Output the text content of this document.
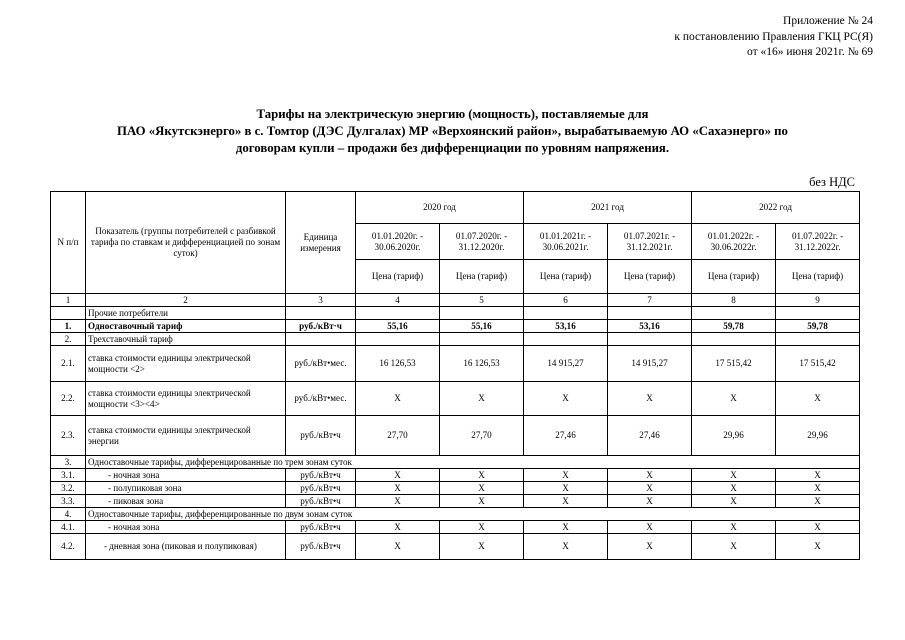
Приложение № 24
к постановлению Правления ГКЦ РС(Я)
от «16» июня 2021г. № 69
Тарифы на электрическую энергию (мощность), поставляемые для
ПАО «Якутскэнерго» в с. Томтор (ДЭС Дулгалах) МР «Верхоянский район», вырабатываемую АО «Сахаэнерго» по
договорам купли – продажи без дифференциации по уровням напряжения.
без НДС
N п/п	Показатель (группы потребителей с разбивкой тарифа по ставкам и дифференциацией по зонам суток)	Единица измерения	2020 год		2021 год		2022 год	
			01.01.2020г. - 30.06.2020г.	01.07.2020г. - 31.12.2020г.	01.01.2021г. - 30.06.2021г.	01.07.2021г. - 31.12.2021г.	01.01.2022г. - 30.06.2022г.	01.07.2022г. - 31.12.2022г.
			Цена (тариф)	Цена (тариф)	Цена (тариф)	Цена (тариф)	Цена (тариф)	Цена (тариф)
1	2	3	4	5	6	7	8	9
	Прочие потребители							
1.	Одноставочный тариф	руб./кВт·ч	55,16	55,16	53,16	53,16	59,78	59,78
2.	Трехставочный тариф							
2.1.	ставка стоимости единицы электрической мощности <2>	руб./кВт•мес.	16 126,53	16 126,53	14 915,27	14 915,27	17 515,42	17 515,42
2.2.	ставка стоимости единицы электрической мощности <3><4>	руб./кВт•мес.	X	X	X	X	X	X
2.3.	ставка стоимости единицы электрической энергии	руб./кВт•ч	27,70	27,70	27,46	27,46	29,96	29,96
3.	Одноставочные тарифы, дифференцированные по трем зонам суток							
3.1.	- ночная зона	руб./кВт•ч	X	X	X	X	X	X
3.2.	- полупиковая зона	руб./кВт•ч	X	X	X	X	X	X
3.3.	- пиковая зона	руб./кВт•ч	X	X	X	X	X	X
4.	Одноставочные тарифы, дифференцированные по двум зонам суток							
4.1.	- ночная зона	руб./кВт•ч	X	X	X	X	X	X
4.2.	- дневная зона (пиковая и полупиковая)	руб./кВт•ч	X	X	X	X	X	X
